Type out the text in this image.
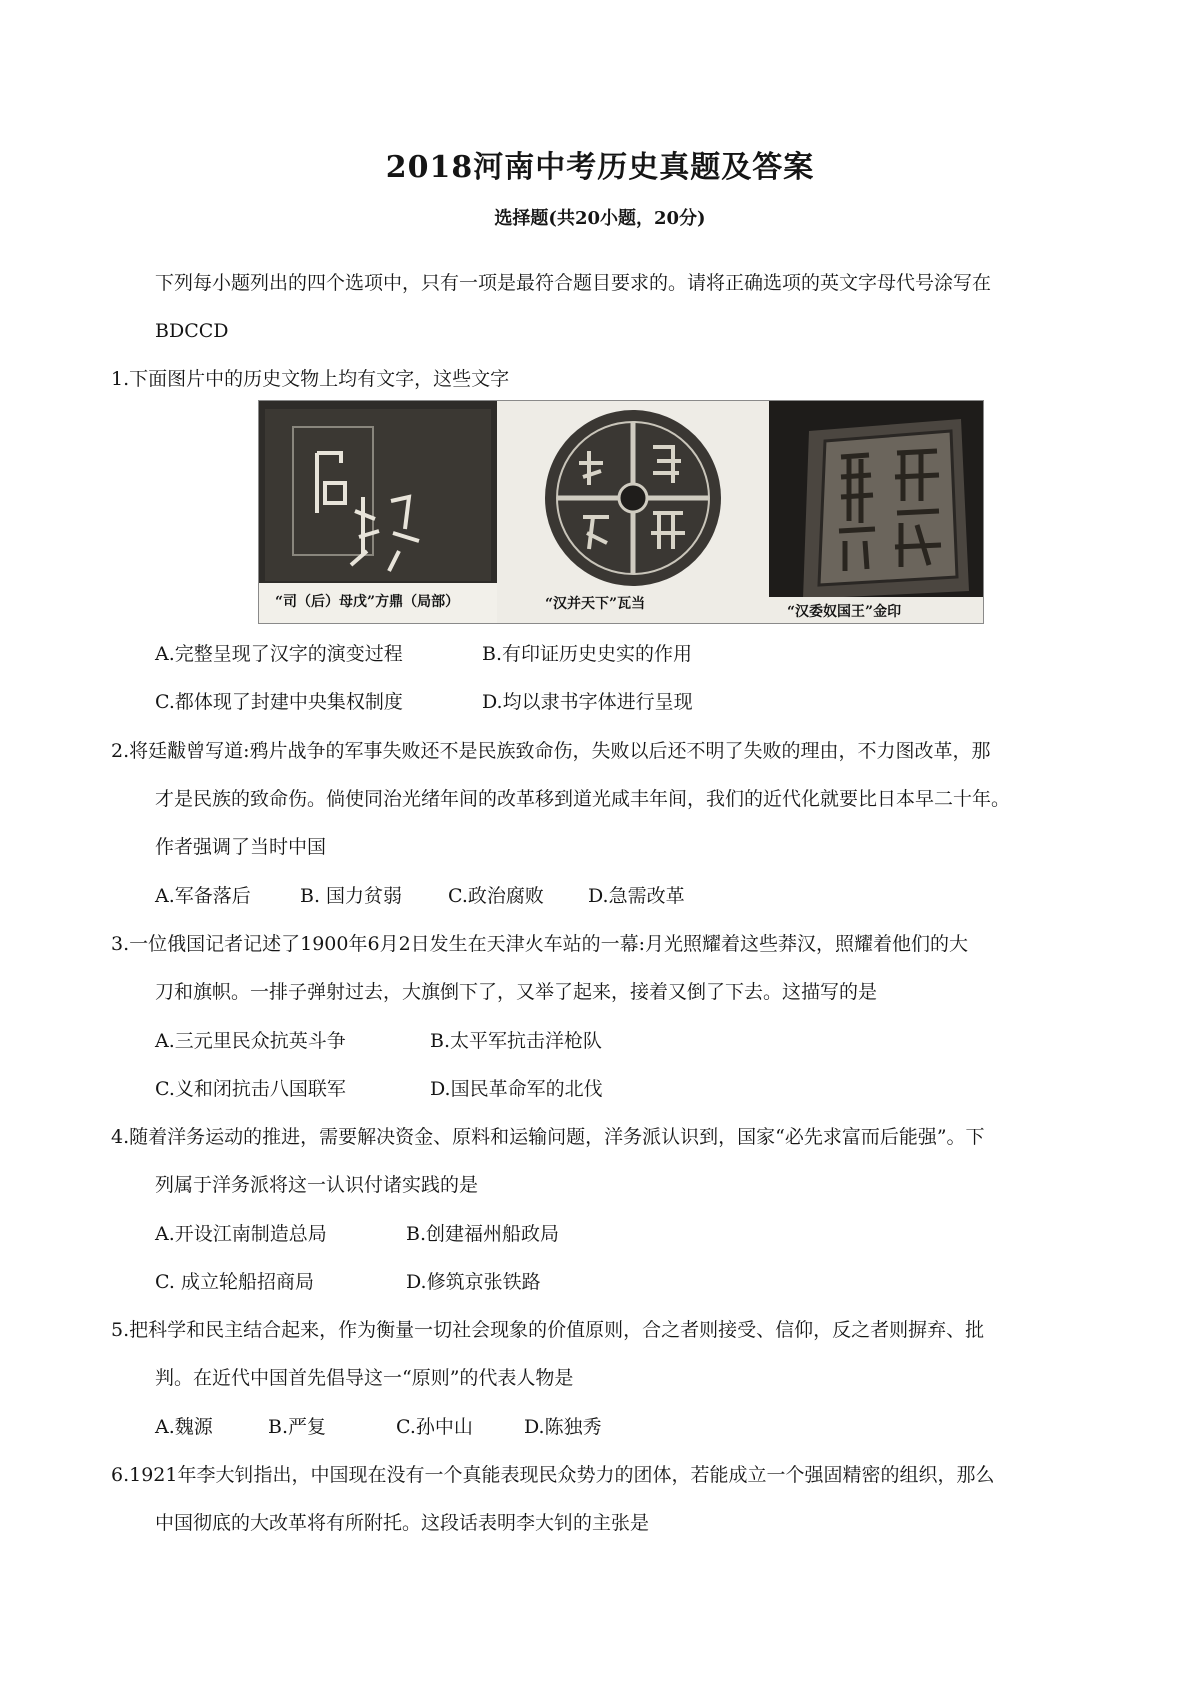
2018河南中考历史真题及答案
选择题(共20小题，20分)
下列每小题列出的四个选项中，只有一项是最符合题目要求的。请将正确选项的英文字母代号涂写在
BDCCD
1.下面图片中的历史文物上均有文字，这些文字
“司（后）母戊”方鼎（局部）	“汉并天下”瓦当	“汉委奴国王”金印
A.完整呈现了汉字的演变过程	B.有印证历史史实的作用
C.都体现了封建中央集权制度	D.均以隶书字体进行呈现
2.将廷黻曾写道:鸦片战争的军事失败还不是民族致命伤，失败以后还不明了失败的理由，不力图改革，那
才是民族的致命伤。倘使同治光绪年间的改革移到道光咸丰年间，我们的近代化就要比日本早二十年。
作者强调了当时中国
A.军备落后	B. 国力贫弱 C.政治腐败 D.急需改革
3.一位俄国记者记述了1900年6月2日发生在天津火车站的一幕:月光照耀着这些莽汉，照耀着他们的大
刀和旗帜。一排子弹射过去，大旗倒下了，又举了起来，接着又倒了下去。这描写的是
A.三元里民众抗英斗争	B.太平军抗击洋枪队
C.义和闭抗击八国联军	D.国民革命军的北伐
4.随着洋务运动的推进，需要解决资金、原料和运输问题，洋务派认识到，国家“必先求富而后能强”。下
列属于洋务派将这一认识付诸实践的是
A.开设江南制造总局	B.创建福州船政局
C. 成立轮船招商局	D.修筑京张铁路
5.把科学和民主结合起来，作为衡量一切社会现象的价值原则，合之者则接受、信仰，反之者则摒弃、批
判。在近代中国首先倡导这一“原则”的代表人物是
A.魏源	B.严复	C.孙中山	D.陈独秀
6.1921年李大钊指出，中国现在没有一个真能表现民众势力的团体，若能成立一个强固精密的组织，那么
中国彻底的大改革将有所附托。这段话表明李大钊的主张是
